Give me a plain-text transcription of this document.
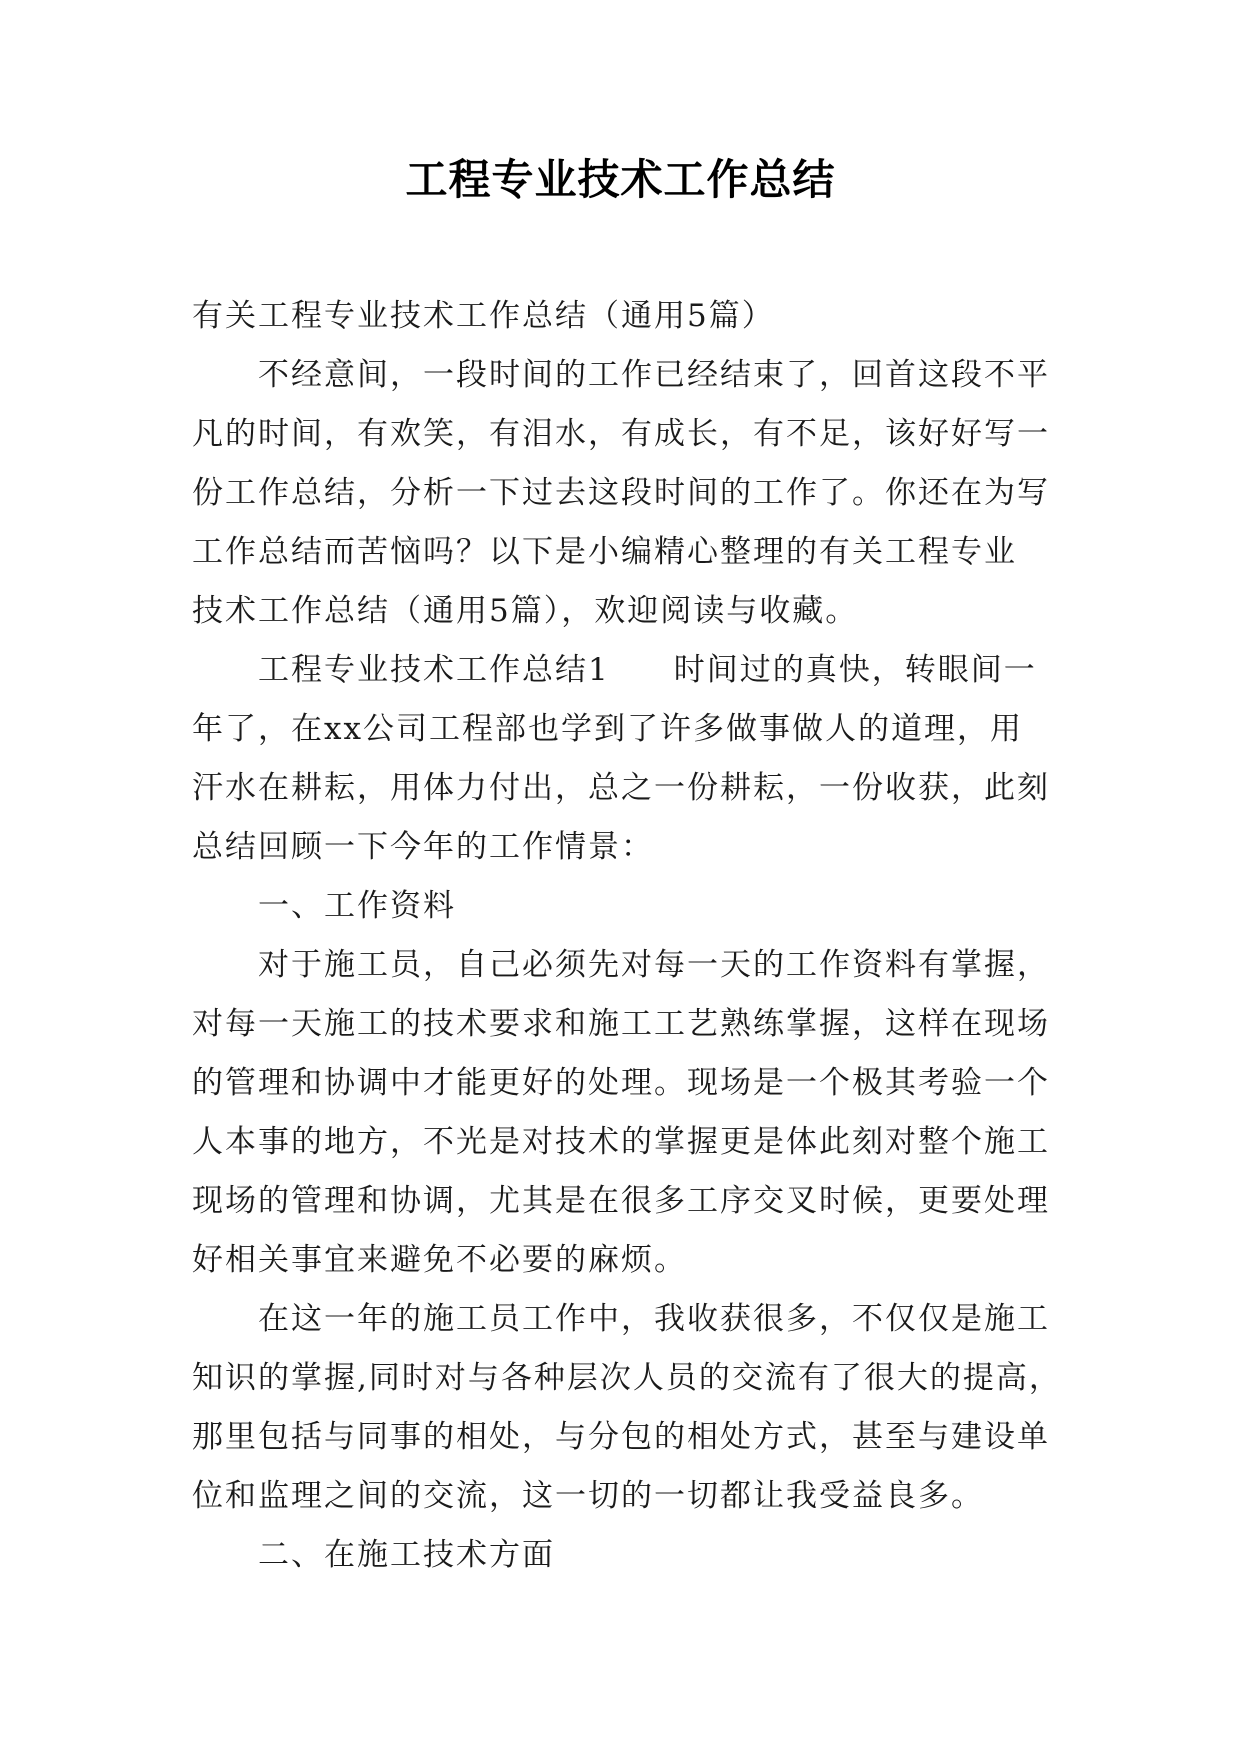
工程专业技术工作总结

有关工程专业技术工作总结（通用5篇）

不经意间，一段时间的工作已经结束了，回首这段不平
凡的时间，有欢笑，有泪水，有成长，有不足，该好好写一
份工作总结，分析一下过去这段时间的工作了。你还在为写
工作总结而苦恼吗？以下是小编精心整理的有关工程专业
技术工作总结（通用5篇），欢迎阅读与收藏。

工程专业技术工作总结1 时间过的真快，转眼间一
年了，在xx公司工程部也学到了许多做事做人的道理，用
汗水在耕耘，用体力付出，总之一份耕耘，一份收获，此刻
总结回顾一下今年的工作情景：

一、工作资料

对于施工员，自己必须先对每一天的工作资料有掌握，
对每一天施工的技术要求和施工工艺熟练掌握，这样在现场
的管理和协调中才能更好的处理。现场是一个极其考验一个
人本事的地方，不光是对技术的掌握更是体此刻对整个施工
现场的管理和协调，尤其是在很多工序交叉时候，更要处理
好相关事宜来避免不必要的麻烦。

在这一年的施工员工作中，我收获很多，不仅仅是施工
知识的掌握,同时对与各种层次人员的交流有了很大的提高，
那里包括与同事的相处，与分包的相处方式，甚至与建设单
位和监理之间的交流，这一切的一切都让我受益良多。

二、在施工技术方面
